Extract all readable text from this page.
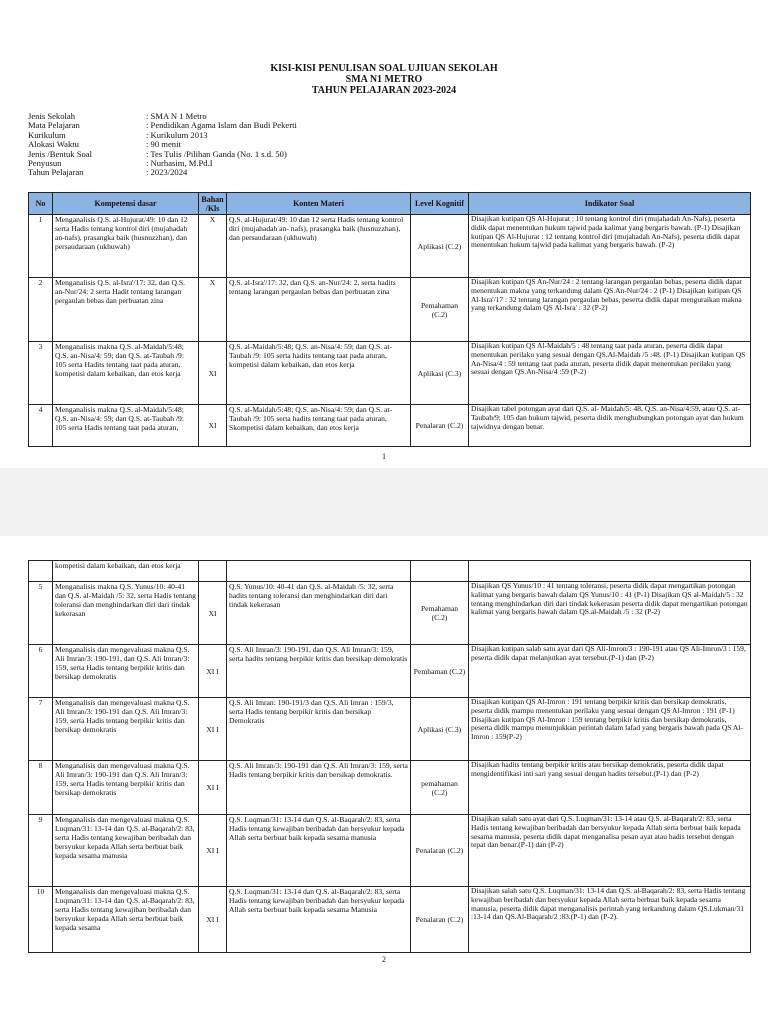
KISI-KISI PENULISAN SOAL UJIUAN SEKOLAH
SMA N1 METRO
TAHUN PELAJARAN 2023-2024
Jenis Sekolah	: SMA N 1 Metro
Mata Pelajaran	: Pendidikan Agama Islam dan Budi Pekerti
Kurikulum	: Kurikulum 2013
Alokasi Waktu	: 90 menit
Jenis /Bentuk Soal	: Tes Tulis /Pilihan Ganda (No. 1 s.d. 50)
Penyusun	: Nurhasim, M.Pd.I
Tahun Pelajaran	: 2023/2024
No	Kompetensi dasar	Bahan /Kls	Konten Materi	Level Kognitif	Indikator Soal
1	Menganalisis Q.S. al-Hujurat/49: 10 dan 12 serta Hadis tentang kontrol diri (mujahadah an-nafs), prasangka baik (husnuzzhan), dan persaudaraan (ukhuwah)	X	Q.S. al-Hujurat/49: 10 dan 12 serta Hadis tentang kontrol diri (mujahadah an- nafs), prasangka baik (husnuzzhan), dan persaudaraan (ukhuwah)	Aplikasi (C.2)	Disajikan kutipan QS Al-Hujurat : 10 tentang kontrol diri (mujahadah An-Nafs), peserta didik dapat menentukan hukum tajwid pada kalimat yang bergaris bawah. (P-1) Disajikan kutipan QS Al-Hujurat : 12 tentang kontrol diri (mujahadah An-Nafs), peserta didik dapat menentukan hukum tajwid pada kalimat yang bergaris bawah. (P-2)
2	Menganalisis Q.S. al-Isra'/17: 32, dan Q.S. an-Nur/24: 2 serta Hadit tentang larangan pergaulan bebas dan perbuatan zina	X	Q.S. al-Isra'/17: 32, dan Q.S. an-Nur/24: 2, serta hadits tentang larangan pergaulan bebas dan perbuatan zina	Pemahaman (C.2)	Disajikan kutipan QS An-Nur/24 : 2 tentang larangan pergaulan bebas, peserta didik dapat menentukan makna yang terkandung dalam QS.An-Nur/24 : 2 (P-1) Disajikan kutipan QS Al-Isra'/17 : 32 tentang larangan pergaulan bebas, peserta didik dapat menguraikan makna yang terkandung dalam QS Al-Isra' : 32 (P-2)
3	Menganalisis makna Q.S. al-Maidah/5:48; Q.S. an-Nisa/4: 59; dan Q.S. at-Taubah /9: 105 serta Hadits tentang taat pada aturan, kompetisi dalam kebaikan, dan etos kerja	XI	Q.S. al-Maidah/5:48; Q.S. an-Nisa/4: 59; dan Q.S. at- Taubah /9: 105 serta hadits tentang taat pada aturan, kompetisi dalam kebaikan, dan etos kerja	Aplikasi (C.3)	Disajikan kutipan QS Al-Maidah/5 : 48 tentang taat pada aturan, peserta didik dapat menentukan perilaku yang sesuai dengan QS.Al-Maidah /5 :48. (P-1) Disajikan kutipan QS An-Nisa/4 : 59 tentang taat pada aturan, peserta didik dapat menentukan perilaku yang sesuai dengan QS.An-Nisa/4 :59 (P-2)
4	Menganalisis makna Q.S. al-Maidah/5:48; Q.S. an-Nisa/4: 59; dan Q.S. at-Taubah /9: 105 serta Hadis tentang taat pada aturan,	XI	Q.S. al-Maidah/5:48; Q.S. an-Nisa/4: 59; dan Q.S. at- Taubah /9: 105 serta hadits tentang taat pada aturan, Skompetisi dalam kebaikan, dan etos kerja	Penalaran (C.2)	Disajikan tabel potongan ayat dari Q.S. al- Maidah/5: 48, Q.S. an-Nisa/4:59, atau Q.S. at- Taubah/9: 105 dan hukum tajwid, peserta didik menghubungkan potongan ayat dan hukum tajwidnya dengan benar.
1
	kompetisi dalam kebaikan, dan etos kerja				
5	Menganalisis makna Q.S. Yunus/10: 40-41 dan Q.S. al-Maidah /5: 32, serta Hadis tentang toleransi dan menghindarkan diri dari tindak kekerasan	XI	Q.S. Yunus/10: 40-41 dan Q.S. al-Maidah /5: 32, serta hadits tentang toleransi dan menghindarkan diri dari tindak kekerasan	Pemahaman (C.2)	Disajikan QS Yunus/10 : 41 tentang toleransi, peserta didik dapat mengartikan potongan kalimat yang bergaris bawah dalam QS Yunus/10 : 41 (P-1) Disajikan QS al-Maidah/5 : 32 tentang menghindarkan diri dari tindak kekerasan peserta didik dapat mengartikan potongan kalimat yang bergaris bawah dalam QS.al-Maidah /5 : 32 (P-2)
6	Menganalisis dan mengevaluasi makna Q.S. Ali Imran/3: 190-191, dan Q.S. Ali Imran/3: 159, serta Hadis tentang berpikir kritis dan bersikap demokratis	XI I	Q.S. Ali Imran/3: 190-191, dan Q.S. Ali Imran/3: 159, serta hadits tentang berpikir kritis dan bersikap demokratis	Pemhaman (C.2)	Disajikan kutipan salah satu ayat dari QS Ali-Imron/3 : 190-191 atau QS Ali-Imron/3 : 159, peserta didik dapat melanjutkan ayat tersebut.(P-1) dan (P-2)
7	Menganalisis dan mengevaluasi makna Q.S. Ali Imran/3: 190-191 dan Q.S. Ali Imran/3: 159, serta Hadis tentang berpikir kritis dan bersikap demokratis	XI I	Q.S. Ali Imran: 190-191/3 dan Q.S. Ali Imran : 159/3, serta Hadis tentang berpikir kritis dan bersikap Demokratis	Aplikasi (C.3)	Disajikan kutipan QS Al-Imron : 191 tentang berpikir kritis dan bersikap demokratis, peserta didik mampu menentukan perilaku yang sesuai dengan QS Al-Imron : 191 (P-1) Disajikan kutipan QS Al-Imron : 159 tentang berpikir kritis dan bersikap demokratis, peserta didik mampu menunjukkan perintah dalam lafad yang bergaris bawah pada QS Al-Imron : 159(P-2)
8	Menganalisis dan mengevaluasi makna Q.S. Ali Imran/3: 190-191 dan Q.S. Ali Imran/3: 159, serta Hadis tentang berpikir kritis dan bersikap demokratis	XI I	Q.S. Ali Imran/3: 190-191 dan Q.S. Ali Imran/3: 159, serta Hadis tentang berpikir kritis dan bersikap demokratis.	pemahaman (C.2)	Disajikan hadits tentang berpikir kritis atau bersikap demokratis, peserta didik dapat mengidentifikasi inti sari yang sesuai dengan hadits tersebut.(P-1) dan (P-2)
9	Menganalisis dan mengevaluasi makna Q.S. Luqman/31: 13-14 dan Q.S. al-Baqarah/2: 83, serta Hadis tentang kewajiban beribadah dan bersyukur kepada Allah serta berbuat baik kepada sesama manusia	XI I	Q.S. Luqman/31: 13-14 dan Q.S. al-Baqarah/2: 83, serta Hadis tentang kewajiban beribadah dan bersyukur kepada Allah serta berbuat baik kepada sesama manusia	Penalaran (C.2)	Disajikan salah satu ayat dari Q.S. Luqman/31: 13-14 atau Q.S. al-Baqarah/2: 83, serta Hadis tentang kewajiban beribadah dan bersyukur kepada Allah serta berbuat baik kepada sesama manusia, peserta didik dapat menganalisa pesan ayat atau hadis tersebut dengan tepat dan benar.(P-1) dan (P-2)
10	Menganalisis dan mengevaluasi makna Q.S. Luqman/31: 13-14 dan Q.S. al-Baqarah/2: 83, serta Hadis tentang kewajiban beribadah dan bersyukur kepada Allah serta berbuat baik kepada sesama	XI I	Q.S. Luqman/31: 13-14 dan Q.S. al-Baqarah/2: 83, serta Hadis tentang kewajiban beribadah dan bersyukur kepada Allah serta berbuat baik kepada sesama Manusia	Penalaran (C.2)	Disajikan salah satu Q.S. Luqman/31: 13-14 dan Q.S. al-Baqarah/2: 83, serta Hadis tentang kewajiban beribadah dan bersyukur kepada Allah serta berbuat baik kepada sesama manusia, peserta didik dapat menganalisis perintah yang terkandung dalam QS.Lukman/31 :13-14 dan QS.Al-Baqarah/2 :83.(P-1) dan (P-2).
2
